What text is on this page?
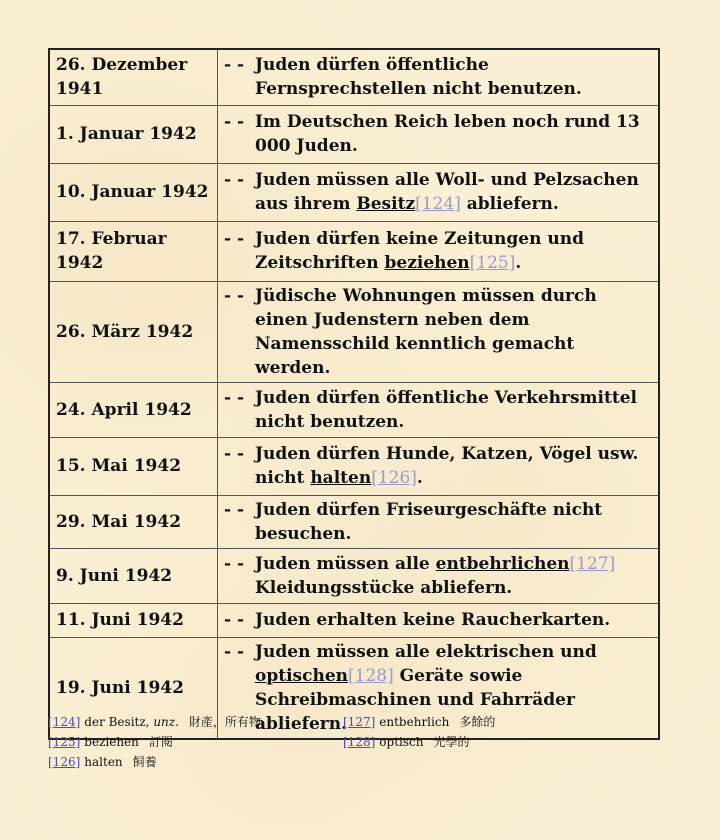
26. Dezember 1941	- - Juden dürfen öffentliche Fernsprechstellen nicht benutzen.

1. Januar 1942	- - Im Deutschen Reich leben noch rund 13 000 Juden.

10. Januar 1942	- - Juden müssen alle Woll- und Pelzsachen aus ihrem Besitz[124] abliefern.

17. Februar 1942	- - Juden dürfen keine Zeitungen und Zeitschriften beziehen[125].

26. März 1942	- - Jüdische Wohnungen müssen durch einen Judenstern neben dem Namensschild kenntlich gemacht werden.

24. April 1942	- - Juden dürfen öffentliche Verkehrsmittel nicht benutzen.

15. Mai 1942	- - Juden dürfen Hunde, Katzen, Vögel usw. nicht halten[126].

29. Mai 1942	- - Juden dürfen Friseurgeschäfte nicht besuchen.

9. Juni 1942	- - Juden müssen alle entbehrlichen[127] Kleidungsstücke abliefern.

11. Juni 1942	- - Juden erhalten keine Raucherkarten.

19. Juni 1942	- - Juden müssen alle elektrischen und optischen[128] Geräte sowie Schreibmaschinen und Fahrräder abliefern.
[124] der Besitz, unz. 財產，所有物
[125] beziehen 訂閱
[126] halten 飼養
[127] entbehrlich 多餘的
[128] optisch 光學的
